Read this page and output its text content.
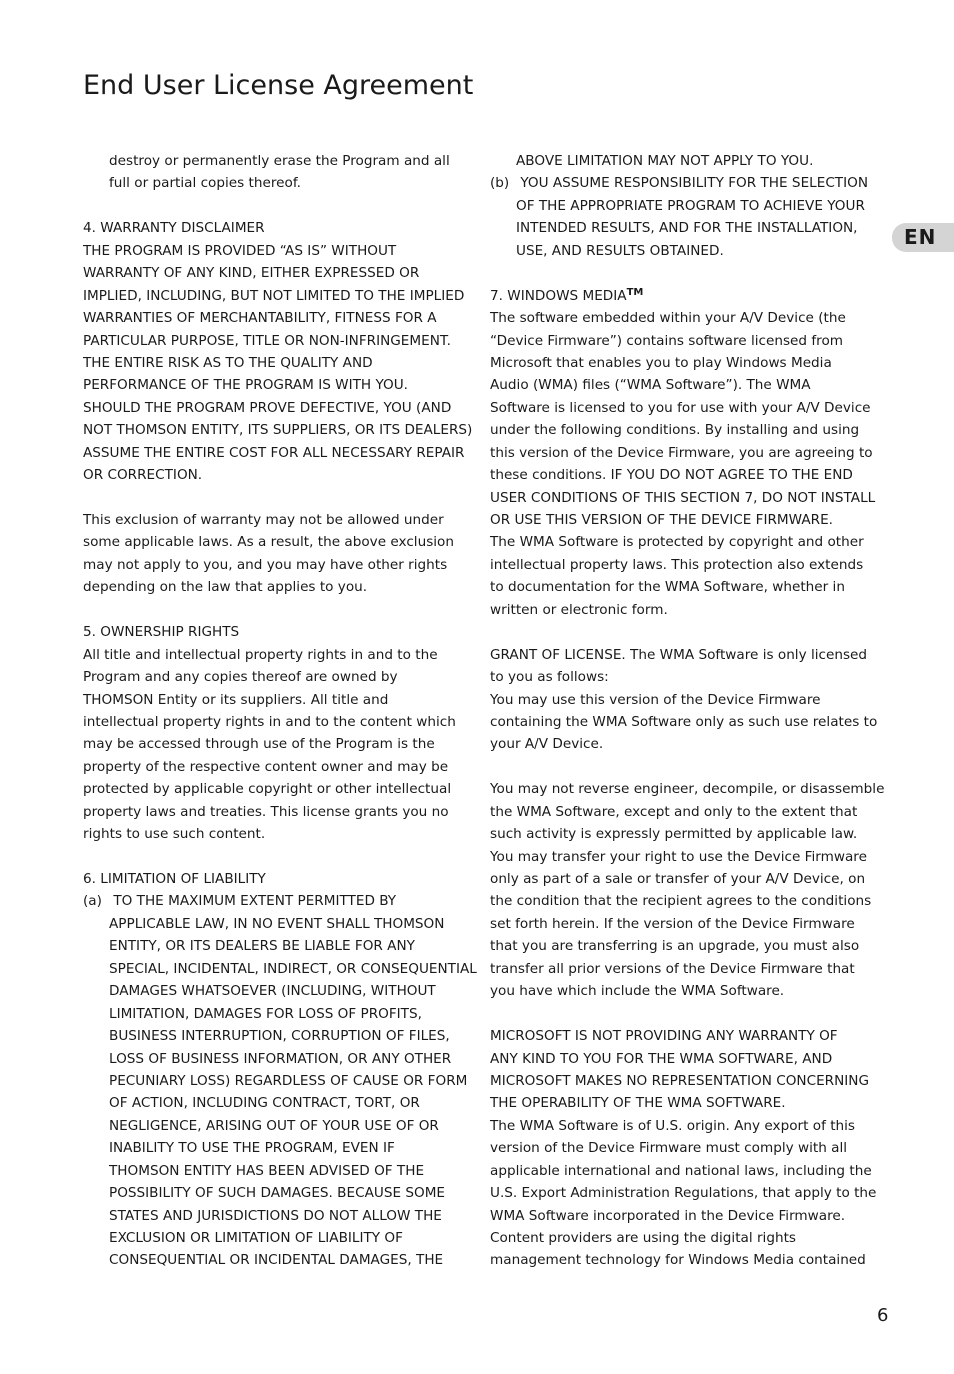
End User License Agreement
EN
destroy or permanently erase the Program and all
full or partial copies thereof.
4. WARRANTY DISCLAIMER
THE PROGRAM IS PROVIDED “AS IS” WITHOUT
WARRANTY OF ANY KIND, EITHER EXPRESSED OR
IMPLIED, INCLUDING, BUT NOT LIMITED TO THE IMPLIED
WARRANTIES OF MERCHANTABILITY, FITNESS FOR A
PARTICULAR PURPOSE, TITLE OR NON-INFRINGEMENT.
THE ENTIRE RISK AS TO THE QUALITY AND
PERFORMANCE OF THE PROGRAM IS WITH YOU.
SHOULD THE PROGRAM PROVE DEFECTIVE, YOU (AND
NOT THOMSON ENTITY, ITS SUPPLIERS, OR ITS DEALERS)
ASSUME THE ENTIRE COST FOR ALL NECESSARY REPAIR
OR CORRECTION.
This exclusion of warranty may not be allowed under
some applicable laws. As a result, the above exclusion
may not apply to you, and you may have other rights
depending on the law that applies to you.
5. OWNERSHIP RIGHTS
All title and intellectual property rights in and to the
Program and any copies thereof are owned by
THOMSON Entity or its suppliers. All title and
intellectual property rights in and to the content which
may be accessed through use of the Program is the
property of the respective content owner and may be
protected by applicable copyright or other intellectual
property laws and treaties. This license grants you no
rights to use such content.
6. LIMITATION OF LIABILITY
(a) TO THE MAXIMUM EXTENT PERMITTED BY
APPLICABLE LAW, IN NO EVENT SHALL THOMSON
ENTITY, OR ITS DEALERS BE LIABLE FOR ANY
SPECIAL, INCIDENTAL, INDIRECT, OR CONSEQUENTIAL
DAMAGES WHATSOEVER (INCLUDING, WITHOUT
LIMITATION, DAMAGES FOR LOSS OF PROFITS,
BUSINESS INTERRUPTION, CORRUPTION OF FILES,
LOSS OF BUSINESS INFORMATION, OR ANY OTHER
PECUNIARY LOSS) REGARDLESS OF CAUSE OR FORM
OF ACTION, INCLUDING CONTRACT, TORT, OR
NEGLIGENCE, ARISING OUT OF YOUR USE OF OR
INABILITY TO USE THE PROGRAM, EVEN IF
THOMSON ENTITY HAS BEEN ADVISED OF THE
POSSIBILITY OF SUCH DAMAGES. BECAUSE SOME
STATES AND JURISDICTIONS DO NOT ALLOW THE
EXCLUSION OR LIMITATION OF LIABILITY OF
CONSEQUENTIAL OR INCIDENTAL DAMAGES, THE
ABOVE LIMITATION MAY NOT APPLY TO YOU.
(b) YOU ASSUME RESPONSIBILITY FOR THE SELECTION
OF THE APPROPRIATE PROGRAM TO ACHIEVE YOUR
INTENDED RESULTS, AND FOR THE INSTALLATION,
USE, AND RESULTS OBTAINED.
7. WINDOWS MEDIA™
The software embedded within your A/V Device (the
“Device Firmware”) contains software licensed from
Microsoft that enables you to play Windows Media
Audio (WMA) files (“WMA Software”). The WMA
Software is licensed to you for use with your A/V Device
under the following conditions. By installing and using
this version of the Device Firmware, you are agreeing to
these conditions. IF YOU DO NOT AGREE TO THE END
USER CONDITIONS OF THIS SECTION 7, DO NOT INSTALL
OR USE THIS VERSION OF THE DEVICE FIRMWARE.
The WMA Software is protected by copyright and other
intellectual property laws. This protection also extends
to documentation for the WMA Software, whether in
written or electronic form.
GRANT OF LICENSE. The WMA Software is only licensed
to you as follows:
You may use this version of the Device Firmware
containing the WMA Software only as such use relates to
your A/V Device.
You may not reverse engineer, decompile, or disassemble
the WMA Software, except and only to the extent that
such activity is expressly permitted by applicable law.
You may transfer your right to use the Device Firmware
only as part of a sale or transfer of your A/V Device, on
the condition that the recipient agrees to the conditions
set forth herein. If the version of the Device Firmware
that you are transferring is an upgrade, you must also
transfer all prior versions of the Device Firmware that
you have which include the WMA Software.
MICROSOFT IS NOT PROVIDING ANY WARRANTY OF
ANY KIND TO YOU FOR THE WMA SOFTWARE, AND
MICROSOFT MAKES NO REPRESENTATION CONCERNING
THE OPERABILITY OF THE WMA SOFTWARE.
The WMA Software is of U.S. origin. Any export of this
version of the Device Firmware must comply with all
applicable international and national laws, including the
U.S. Export Administration Regulations, that apply to the
WMA Software incorporated in the Device Firmware.
Content providers are using the digital rights
management technology for Windows Media contained
6
